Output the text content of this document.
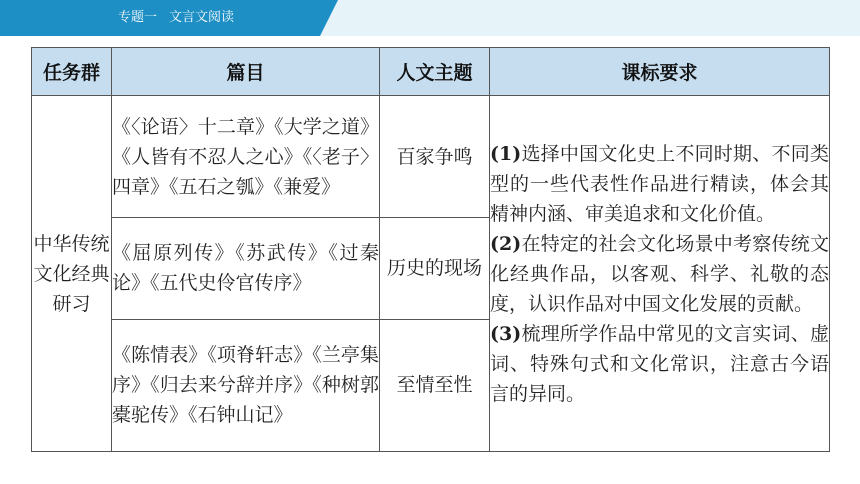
专题一 文言文阅读
任务群	篇目	人文主题	课标要求
中华传统文化经典研习	《〈论语〉十二章》《大学之道》《人皆有不忍人之心》《〈老子〉四章》《五石之瓠》《兼爱》	百家争鸣	(1)选择中国文化史上不同时期、不同类型的一些代表性作品进行精读，体会其精神内涵、审美追求和文化价值。

(2)在特定的社会文化场景中考察传统文化经典作品，以客观、科学、礼敬的态度，认识作品对中国文化发展的贡献。

(3)梳理所学作品中常见的文言实词、虚词、特殊句式和文化常识，注意古今语言的异同。

	《屈原列传》《苏武传》《过秦论》《五代史伶官传序》	历史的现场	
	《陈情表》《项脊轩志》《兰亭集序》《归去来兮辞并序》《种树郭橐驼传》《石钟山记》	至情至性	
